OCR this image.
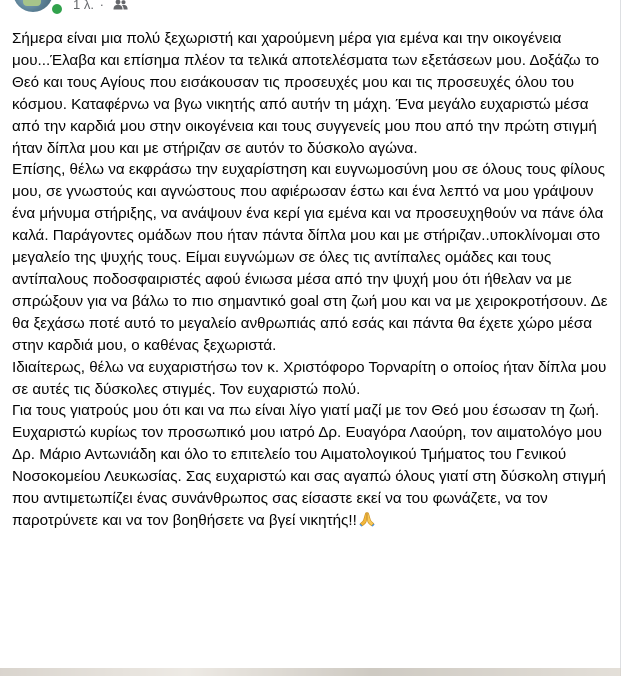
1 λ. ·

Σήμερα είναι μια πολύ ξεχωριστή και χαρούμενη μέρα για εμένα και την οικογένεια μου...Έλαβα και επίσημα πλέον τα τελικά αποτελέσματα των εξετάσεων μου. Δοξάζω το Θεό και τους Αγίους που εισάκουσαν τις προσευχές μου και τις προσευχές όλου του κόσμου. Καταφέρνω να βγω νικητής από αυτήν τη μάχη. Ένα μεγάλο ευχαριστώ μέσα από την καρδιά μου στην οικογένεια και τους συγγενείς μου που από την πρώτη στιγμή ήταν δίπλα μου και με στήριζαν σε αυτόν το δύσκολο αγώνα.

Επίσης, θέλω να εκφράσω την ευχαρίστηση και ευγνωμοσύνη μου σε όλους τους φίλους μου, σε γνωστούς και αγνώστους που αφιέρωσαν έστω και ένα λεπτό να μου γράψουν ένα μήνυμα στήριξης, να ανάψουν ένα κερί για εμένα και να προσευχηθούν να πάνε όλα καλά. Παράγοντες ομάδων που ήταν πάντα δίπλα μου και με στήριζαν..υποκλίνομαι στο μεγαλείο της ψυχής τους. Είμαι ευγνώμων σε όλες τις αντίπαλες ομάδες και τους αντίπαλους ποδοσφαιριστές αφού ένιωσα μέσα από την ψυχή μου ότι ήθελαν να με σπρώξουν για να βάλω το πιο σημαντικό goal στη ζωή μου και να με χειροκροτήσουν. Δε θα ξεχάσω ποτέ αυτό το μεγαλείο ανθρωπιάς από εσάς και πάντα θα έχετε χώρο μέσα στην καρδιά μου, ο καθένας ξεχωριστά.

Ιδιαίτερως, θέλω να ευχαριστήσω τον κ. Χριστόφορο Τορναρίτη ο οποίος ήταν δίπλα μου σε αυτές τις δύσκολες στιγμές. Τον ευχαριστώ πολύ.

Για τους γιατρούς μου ότι και να πω είναι λίγο γιατί μαζί με τον Θεό μου έσωσαν τη ζωή. Ευχαριστώ κυρίως τον προσωπικό μου ιατρό Δρ. Ευαγόρα Λαούρη, τον αιματολόγο μου Δρ. Μάριο Αντωνιάδη και όλο το επιτελείο του Αιματολογικού Τμήματος του Γενικού Νοσοκομείου Λευκωσίας. Σας ευχαριστώ και σας αγαπώ όλους γιατί στη δύσκολη στιγμή που αντιμετωπίζει ένας συνάνθρωπος σας είσαστε εκεί να του φωνάζετε, να τον παροτρύνετε και να τον βοηθήσετε να βγεί νικητής!!
